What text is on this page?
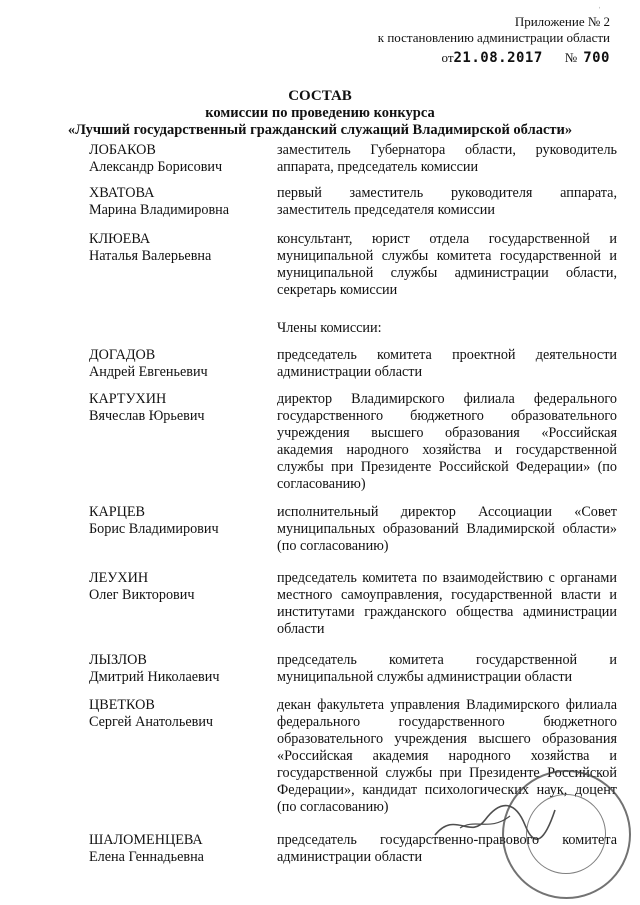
ˈ
Приложение № 2
к постановлению администрации области
от21.08.2017 № 700
СОСТАВ
комиссии по проведению конкурса
«Лучший государственный гражданский служащий Владимирской области»
ЛОБАКОВ
Александр Борисович
заместитель Губернатора области, руководитель аппарата, председатель комиссии
ХВАТОВА
Марина Владимировна
первый заместитель руководителя аппарата, заместитель председателя комиссии
КЛЮЕВА
Наталья Валерьевна
консультант, юрист отдела государственной и муниципальной службы комитета государственной и муниципальной службы администрации области, секретарь комиссии
Члены комиссии:
ДОГАДОВ
Андрей Евгеньевич
председатель комитета проектной деятельности администрации области
КАРТУХИН
Вячеслав Юрьевич
директор Владимирского филиала федерального государственного бюджетного образовательного учреждения высшего образования «Российская академия народного хозяйства и государственной службы при Президенте Российской Федерации» (по согласованию)
КАРЦЕВ
Борис Владимирович
исполнительный директор Ассоциации «Совет муниципальных образований Владимирской области» (по согласованию)
ЛЕУХИН
Олег Викторович
председатель комитета по взаимодействию с органами местного самоуправления, государственной власти и институтами гражданского общества администрации области
ЛЫЗЛОВ
Дмитрий Николаевич
председатель комитета государственной и муниципальной службы администрации области
ЦВЕТКОВ
Сергей Анатольевич
декан факультета управления Владимирского филиала федерального государственного бюджетного образовательного учреждения высшего образования «Российская академия народного хозяйства и государственной службы при Президенте Российской Федерации», кандидат психологических наук, доцент (по согласованию)
ШАЛОМЕНЦЕВА
Елена Геннадьевна
председатель государственно-правового комитета администрации области
